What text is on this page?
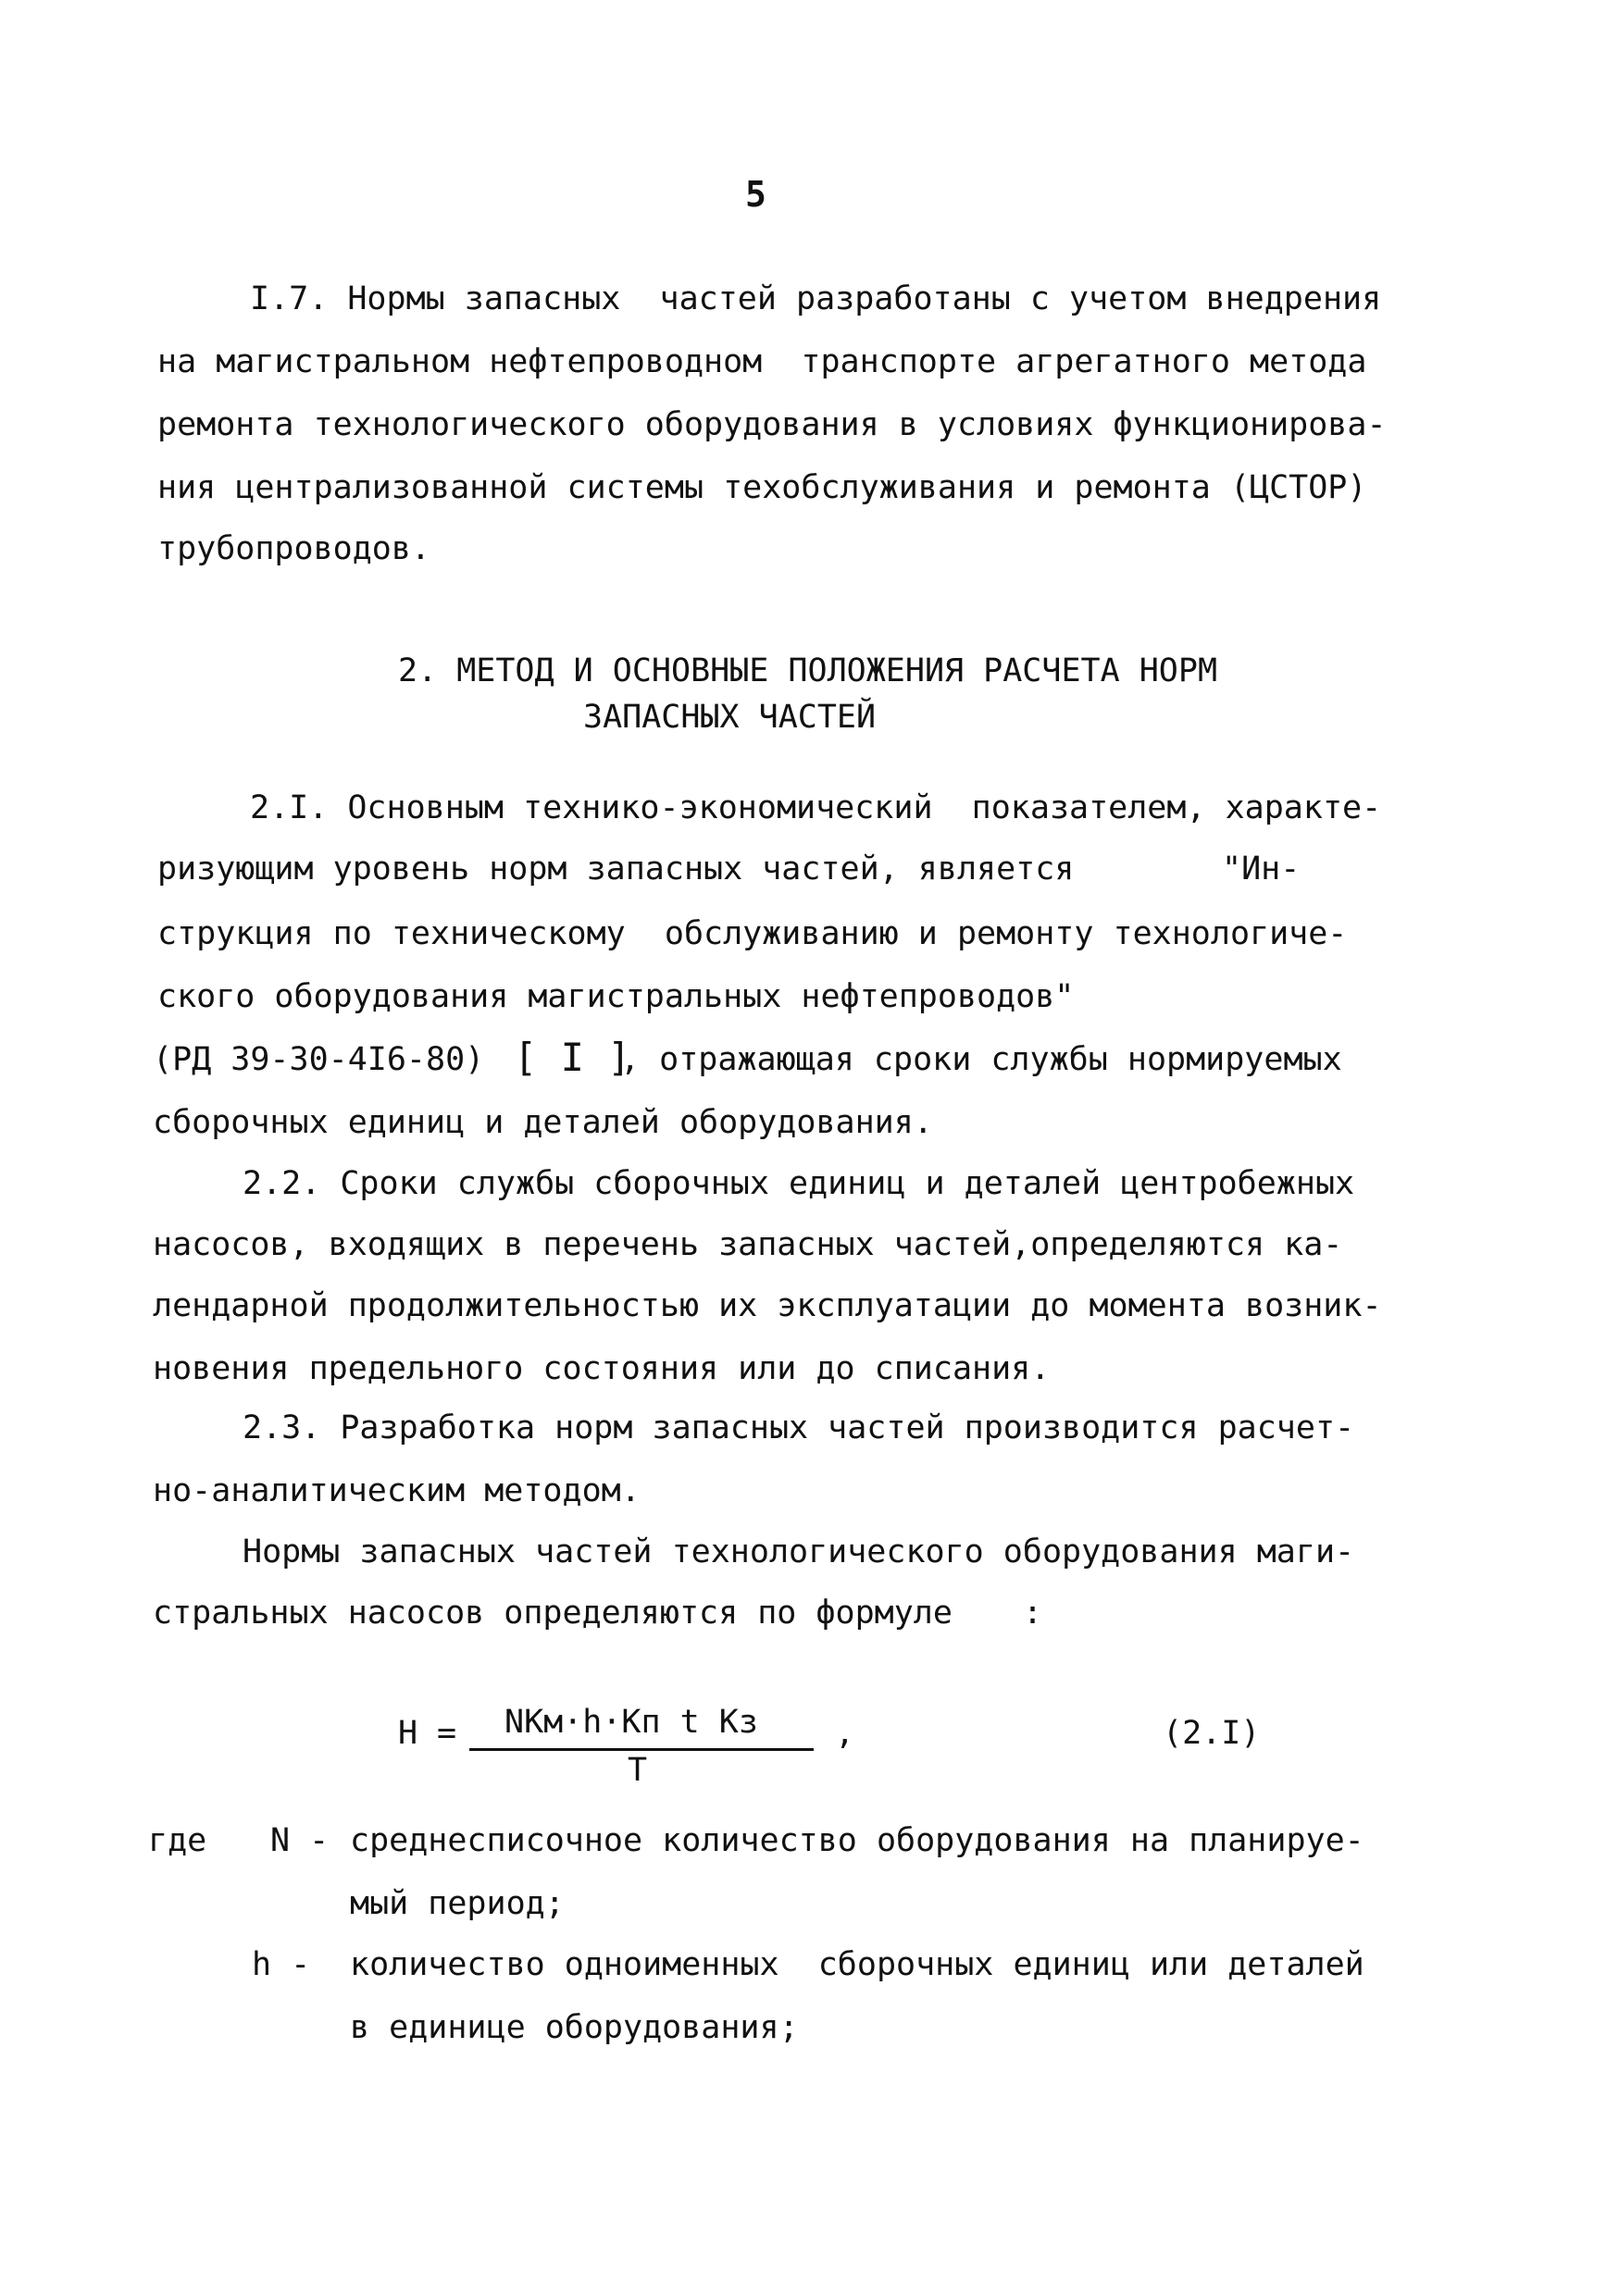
5
I.7. Нормы запасных  частей разработаны с учетом внедрения
на магистральном нефтепроводном  транспорте агрегатного метода
ремонта технологического оборудования в условиях функционирова-
ния централизованной системы техобслуживания и ремонта (ЦСТОР)
трубопроводов.
2. МЕТОД И ОСНОВНЫЕ ПОЛОЖЕНИЯ РАСЧЕТА НОРМ
ЗАПАСНЫХ ЧАСТЕЙ
2.I. Основным технико-экономический  показателем, характе-
ризующим уровень норм запасных частей, является	"Ин-
струкция по техническому  обслуживанию и ремонту технологиче-
ского оборудования магистральных нефтепроводов"
(РД 39-30-4I6-80) [ I ]
, отражающая сроки службы нормируемых
сборочных единиц и деталей оборудования.
2.2. Сроки службы сборочных единиц и деталей центробежных
насосов, входящих в перечень запасных частей,определяются ка-
лендарной продолжительностью их эксплуатации до момента возник-
новения предельного состояния или до списания.
2.3. Разработка норм запасных частей производится расчет-
но-аналитическим методом.
Нормы запасных частей технологического оборудования маги-
стральных насосов определяются по формуле :
Н = NKм·h·Kп t Kз
Т
,	(2.I)
где N - среднесписочное количество оборудования на планируе-
мый период;
h - количество одноименных  сборочных единиц или деталей
в единице оборудования;
